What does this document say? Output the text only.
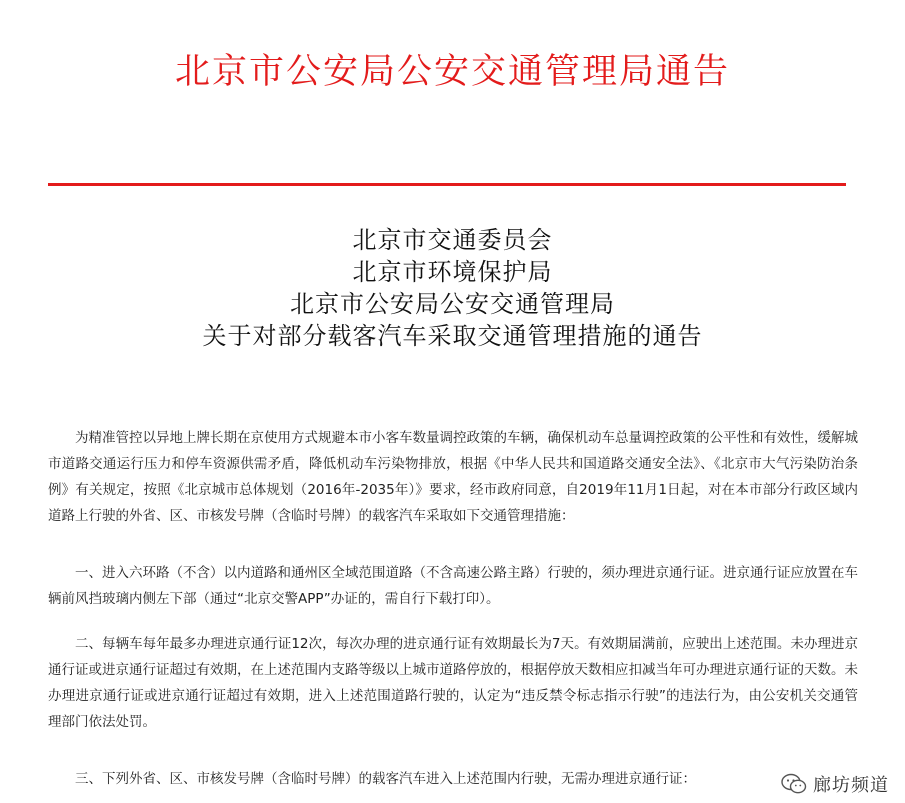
北京市公安局公安交通管理局通告
北京市交通委员会
北京市环境保护局
北京市公安局公安交通管理局
关于对部分载客汽车采取交通管理措施的通告

为精准管控以异地上牌长期在京使用方式规避本市小客车数量调控政策的车辆，确保机动车总量调控政策的公平性和有效性，缓解城市道路交通运行压力和停车资源供需矛盾，降低机动车污染物排放，根据《中华人民共和国道路交通安全法》、《北京市大气污染防治条例》有关规定，按照《北京城市总体规划（2016年-2035年）》要求，经市政府同意，自2019年11月1日起，对在本市部分行政区域内道路上行驶的外省、区、市核发号牌（含临时号牌）的载客汽车采取如下交通管理措施：

一、进入六环路（不含）以内道路和通州区全域范围道路（不含高速公路主路）行驶的，须办理进京通行证。进京通行证应放置在车辆前风挡玻璃内侧左下部（通过“北京交警APP”办证的，需自行下载打印）。

二、每辆车每年最多办理进京通行证12次，每次办理的进京通行证有效期最长为7天。有效期届满前，应驶出上述范围。未办理进京通行证或进京通行证超过有效期，在上述范围内支路等级以上城市道路停放的，根据停放天数相应扣减当年可办理进京通行证的天数。未办理进京通行证或进京通行证超过有效期，进入上述范围道路行驶的，认定为“违反禁令标志指示行驶”的违法行为，由公安机关交通管理部门依法处罚。

三、下列外省、区、市核发号牌（含临时号牌）的载客汽车进入上述范围内行驶，无需办理进京通行证：	廊坊频道
